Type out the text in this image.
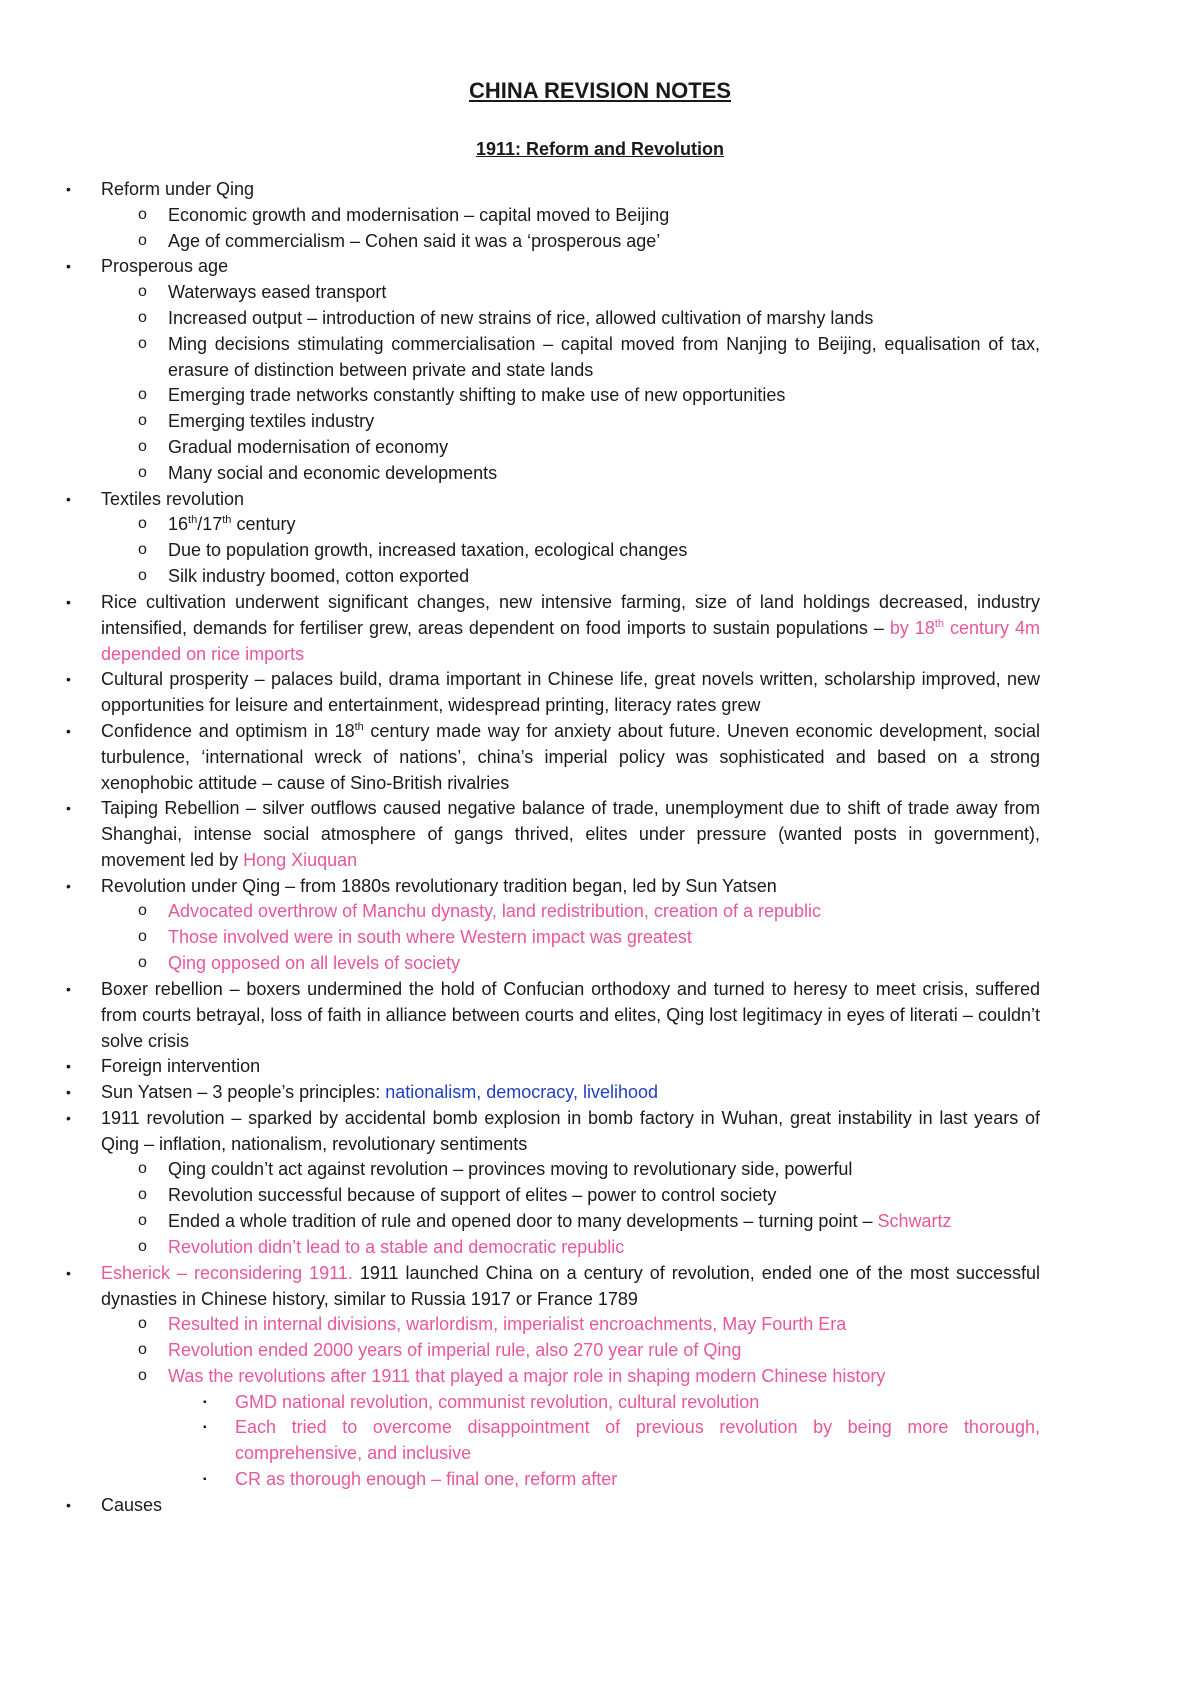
CHINA REVISION NOTES
1911: Reform and Revolution
• Reform under Qing
o Economic growth and modernisation – capital moved to Beijing
o Age of commercialism – Cohen said it was a ‘prosperous age’
• Prosperous age
o Waterways eased transport
o Increased output – introduction of new strains of rice, allowed cultivation of marshy lands
o Ming decisions stimulating commercialisation – capital moved from Nanjing to Beijing, equalisation of tax, erasure of distinction between private and state lands
o Emerging trade networks constantly shifting to make use of new opportunities
o Emerging textiles industry
o Gradual modernisation of economy
o Many social and economic developments
• Textiles revolution
o 16th/17th century
o Due to population growth, increased taxation, ecological changes
o Silk industry boomed, cotton exported
• Rice cultivation underwent significant changes, new intensive farming, size of land holdings decreased, industry intensified, demands for fertiliser grew, areas dependent on food imports to sustain populations – by 18th century 4m depended on rice imports
• Cultural prosperity – palaces build, drama important in Chinese life, great novels written, scholarship improved, new opportunities for leisure and entertainment, widespread printing, literacy rates grew
• Confidence and optimism in 18th century made way for anxiety about future. Uneven economic development, social turbulence, ‘international wreck of nations’, china’s imperial policy was sophisticated and based on a strong xenophobic attitude – cause of Sino-British rivalries
• Taiping Rebellion – silver outflows caused negative balance of trade, unemployment due to shift of trade away from Shanghai, intense social atmosphere of gangs thrived, elites under pressure (wanted posts in government), movement led by Hong Xiuquan
• Revolution under Qing – from 1880s revolutionary tradition began, led by Sun Yatsen
o Advocated overthrow of Manchu dynasty, land redistribution, creation of a republic
o Those involved were in south where Western impact was greatest
o Qing opposed on all levels of society
• Boxer rebellion – boxers undermined the hold of Confucian orthodoxy and turned to heresy to meet crisis, suffered from courts betrayal, loss of faith in alliance between courts and elites, Qing lost legitimacy in eyes of literati – couldn’t solve crisis
• Foreign intervention
• Sun Yatsen – 3 people’s principles: nationalism, democracy, livelihood
• 1911 revolution – sparked by accidental bomb explosion in bomb factory in Wuhan, great instability in last years of Qing – inflation, nationalism, revolutionary sentiments
o Qing couldn’t act against revolution – provinces moving to revolutionary side, powerful
o Revolution successful because of support of elites – power to control society
o Ended a whole tradition of rule and opened door to many developments – turning point – Schwartz
o Revolution didn’t lead to a stable and democratic republic
• Esherick – reconsidering 1911. 1911 launched China on a century of revolution, ended one of the most successful dynasties in Chinese history, similar to Russia 1917 or France 1789
o Resulted in internal divisions, warlordism, imperialist encroachments, May Fourth Era
o Revolution ended 2000 years of imperial rule, also 270 year rule of Qing
o Was the revolutions after 1911 that played a major role in shaping modern Chinese history
▪ GMD national revolution, communist revolution, cultural revolution
▪ Each tried to overcome disappointment of previous revolution by being more thorough, comprehensive, and inclusive
▪ CR as thorough enough – final one, reform after
• Causes
